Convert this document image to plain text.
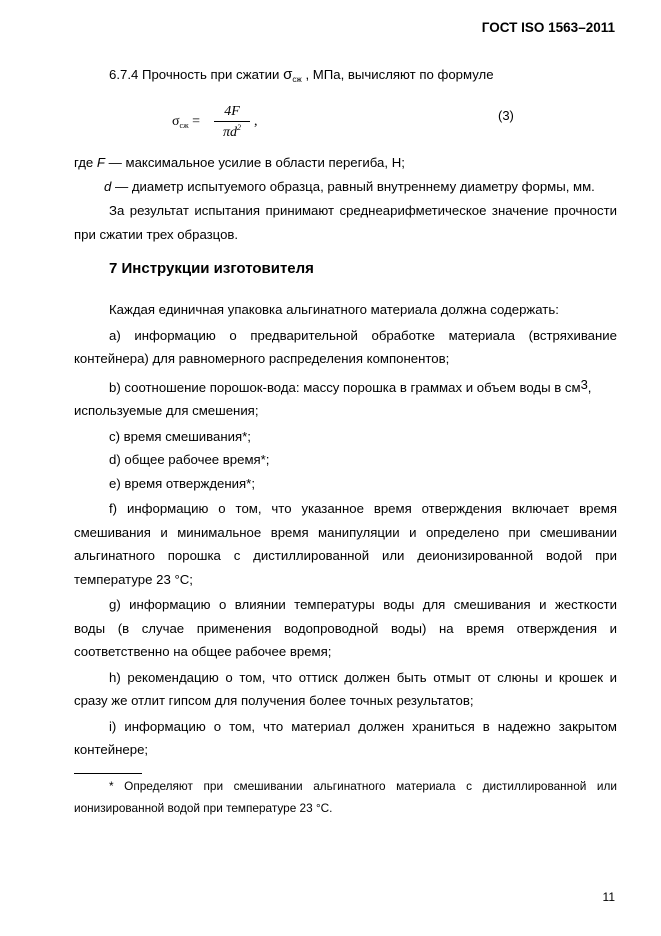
ГОСТ ISO 1563–2011
6.7.4 Прочность при сжатии $\sigma_{сж}$ , МПа, вычисляют по формуле
$\sigma_{сж}$ =
4F
$\pi d^2$ ,	(3)
где F — максимальное усилие в области перегиба, Н;
d — диаметр испытуемого образца, равный внутреннему диаметру формы, мм.
За результат испытания принимают среднеарифметическое значение прочности
при сжатии трех образцов.
7 Инструкции изготовителя
Каждая единичная упаковка альгинатного материала должна содержать:
а) информацию о предварительной обработке материала (встряхивание
контейнера) для равномерного распределения компонентов;
b) соотношение порошок-вода: массу порошка в граммах и объем воды в $см^3$,
используемые для смешения;
c) время смешивания*;
d) общее рабочее время*;
e) время отверждения*;
f) информацию о том, что указанное время отверждения включает время
смешивания и минимальное время манипуляции и определено при смешивании
альгинатного порошка с дистиллированной или деионизированной водой при
температуре 23 °С;
g) информацию о влиянии температуры воды для смешивания и жесткости
воды (в случае применения водопроводной воды) на время отверждения и
соответственно на общее рабочее время;
h) рекомендацию о том, что оттиск должен быть отмыт от слюны и крошек и
сразу же отлит гипсом для получения более точных результатов;
i) информацию о том, что материал должен храниться в надежно закрытом
контейнере;
* Определяют при смешивании альгинатного материала с дистиллированной или
ионизированной водой при температуре 23 °С.
11
